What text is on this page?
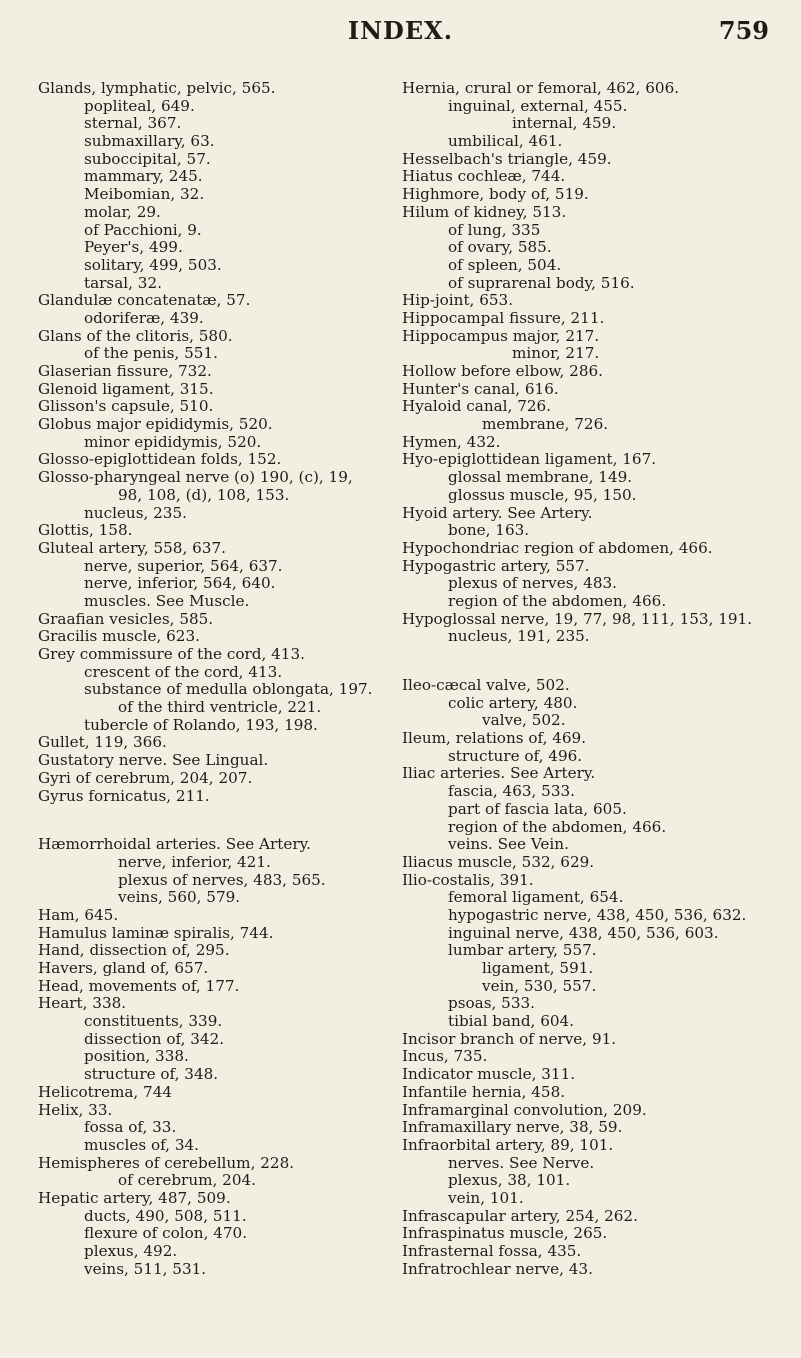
INDEX.	759
Glands, lymphatic, pelvic, 565.
popliteal, 649.
sternal, 367.
submaxillary, 63.
suboccipital, 57.
mammary, 245.
Meibomian, 32.
molar, 29.
of Pacchioni, 9.
Peyer's, 499.
solitary, 499, 503.
tarsal, 32.
Glandulæ concatenatæ, 57.
odoriferæ, 439.
Glans of the clitoris, 580.
of the penis, 551.
Glaserian fissure, 732.
Glenoid ligament, 315.
Glisson's capsule, 510.
Globus major epididymis, 520.
minor epididymis, 520.
Glosso-epiglottidean folds, 152.
Glosso-pharyngeal nerve (o) 190, (c), 19,
98, 108, (d), 108, 153.
nucleus, 235.
Glottis, 158.
Gluteal artery, 558, 637.
nerve, superior, 564, 637.
nerve, inferior, 564, 640.
muscles. See Muscle.
Graafian vesicles, 585.
Gracilis muscle, 623.
Grey commissure of the cord, 413.
crescent of the cord, 413.
substance of medulla oblongata, 197.
of the third ventricle, 221.
tubercle of Rolando, 193, 198.
Gullet, 119, 366.
Gustatory nerve. See Lingual.
Gyri of cerebrum, 204, 207.
Gyrus fornicatus, 211.
Hæmorrhoidal arteries. See Artery.
nerve, inferior, 421.
plexus of nerves, 483, 565.
veins, 560, 579.
Ham, 645.
Hamulus laminæ spiralis, 744.
Hand, dissection of, 295.
Havers, gland of, 657.
Head, movements of, 177.
Heart, 338.
constituents, 339.
dissection of, 342.
position, 338.
structure of, 348.
Helicotrema, 744
Helix, 33.
fossa of, 33.
muscles of, 34.
Hemispheres of cerebellum, 228.
of cerebrum, 204.
Hepatic artery, 487, 509.
ducts, 490, 508, 511.
flexure of colon, 470.
plexus, 492.
veins, 511, 531.
Hernia, crural or femoral, 462, 606.
inguinal, external, 455.
internal, 459.
umbilical, 461.
Hesselbach's triangle, 459.
Hiatus cochleæ, 744.
Highmore, body of, 519.
Hilum of kidney, 513.
of lung, 335
of ovary, 585.
of spleen, 504.
of suprarenal body, 516.
Hip-joint, 653.
Hippocampal fissure, 211.
Hippocampus major, 217.
minor, 217.
Hollow before elbow, 286.
Hunter's canal, 616.
Hyaloid canal, 726.
membrane, 726.
Hymen, 432.
Hyo-epiglottidean ligament, 167.
glossal membrane, 149.
glossus muscle, 95, 150.
Hyoid artery. See Artery.
bone, 163.
Hypochondriac region of abdomen, 466.
Hypogastric artery, 557.
plexus of nerves, 483.
region of the abdomen, 466.
Hypoglossal nerve, 19, 77, 98, 111, 153, 191.
nucleus, 191, 235.
Ileo-cæcal valve, 502.
colic artery, 480.
valve, 502.
Ileum, relations of, 469.
structure of, 496.
Iliac arteries. See Artery.
fascia, 463, 533.
part of fascia lata, 605.
region of the abdomen, 466.
veins. See Vein.
Iliacus muscle, 532, 629.
Ilio-costalis, 391.
femoral ligament, 654.
hypogastric nerve, 438, 450, 536, 632.
inguinal nerve, 438, 450, 536, 603.
lumbar artery, 557.
ligament, 591.
vein, 530, 557.
psoas, 533.
tibial band, 604.
Incisor branch of nerve, 91.
Incus, 735.
Indicator muscle, 311.
Infantile hernia, 458.
Inframarginal convolution, 209.
Inframaxillary nerve, 38, 59.
Infraorbital artery, 89, 101.
nerves. See Nerve.
plexus, 38, 101.
vein, 101.
Infrascapular artery, 254, 262.
Infraspinatus muscle, 265.
Infrasternal fossa, 435.
Infratrochlear nerve, 43.
